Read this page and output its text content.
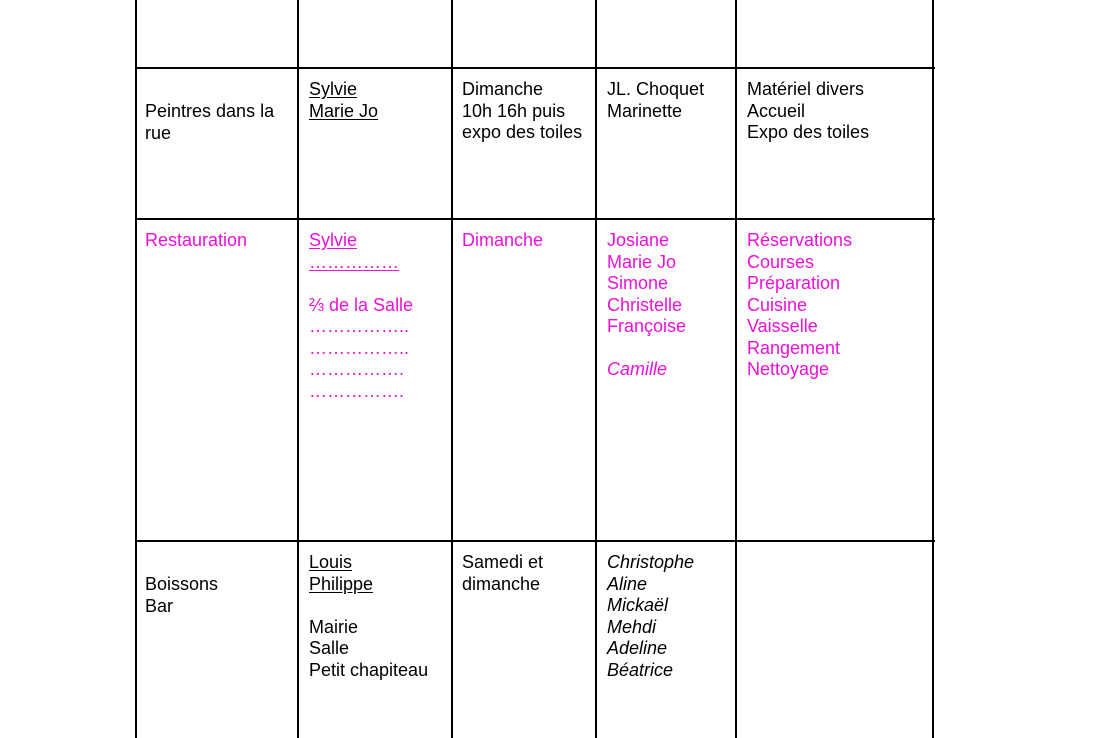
Peintres dans la
rue
Sylvie
Marie Jo
Dimanche
10h 16h puis
expo des toiles
JL. Choquet
Marinette
Matériel divers
Accueil
Expo des toiles
Restauration	Sylvie
……………
⅔ de la Salle
……………..
……………..
…………….
…………….
Dimanche	Josiane
Marie Jo
Simone
Christelle
Françoise
Camille
Réservations
Courses
Préparation
Cuisine
Vaisselle
Rangement
Nettoyage
Boissons
Bar
Louis
Philippe
Mairie
Salle
Petit chapiteau
Samedi et
dimanche
Christophe
Aline
Mickaël
Mehdi
Adeline
Béatrice
